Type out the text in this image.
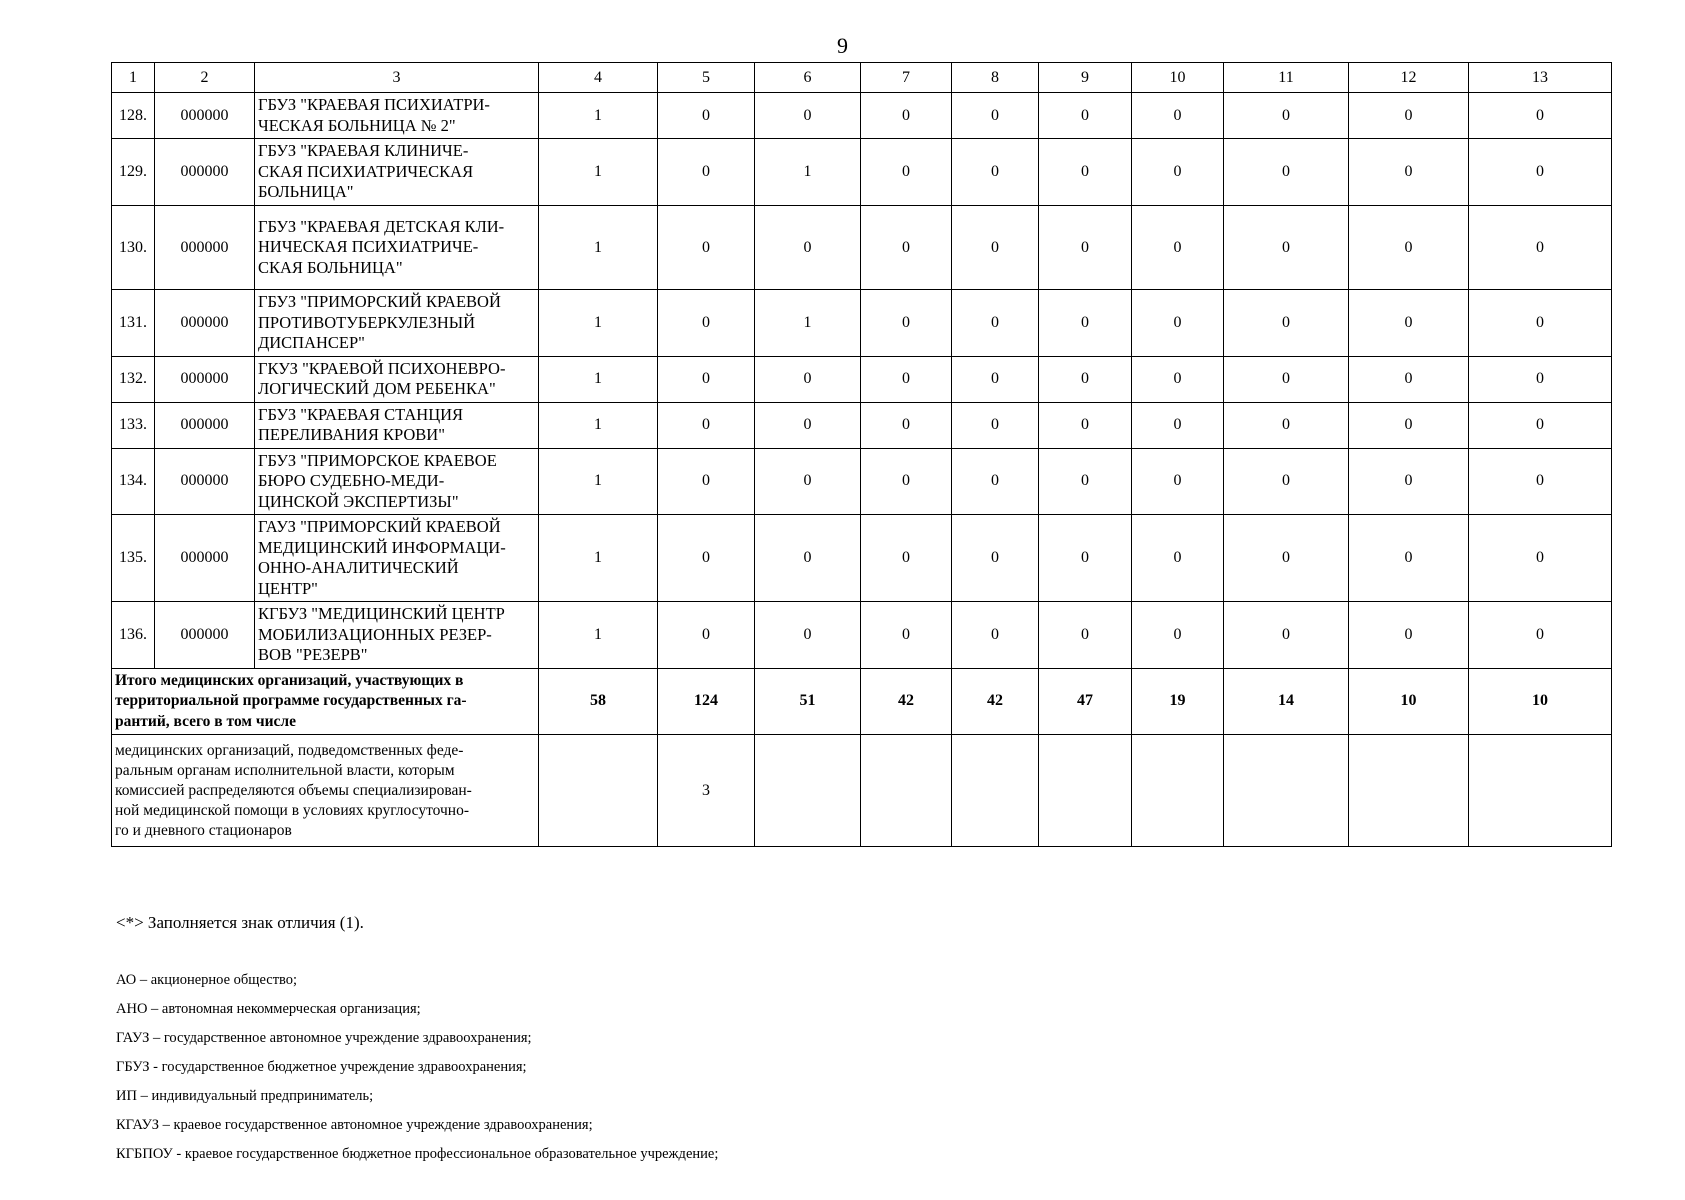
9
1	2	3	4	5	6	7	8	9	10	11	12	13
128.	000000	ГБУЗ "КРАЕВАЯ ПСИХИАТРИ-
ЧЕСКАЯ БОЛЬНИЦА № 2"	1	0	0	0	0	0	0	0	0	0
129.	000000	ГБУЗ "КРАЕВАЯ КЛИНИЧЕ-
СКАЯ ПСИХИАТРИЧЕСКАЯ
БОЛЬНИЦА"	1	0	1	0	0	0	0	0	0	0
130.	000000	ГБУЗ "КРАЕВАЯ ДЕТСКАЯ КЛИ-
НИЧЕСКАЯ ПСИХИАТРИЧЕ-
СКАЯ БОЛЬНИЦА"	1	0	0	0	0	0	0	0	0	0
131.	000000	ГБУЗ "ПРИМОРСКИЙ КРАЕВОЙ
ПРОТИВОТУБЕРКУЛЕЗНЫЙ
ДИСПАНСЕР"	1	0	1	0	0	0	0	0	0	0
132.	000000	ГКУЗ "КРАЕВОЙ ПСИХОНЕВРО-
ЛОГИЧЕСКИЙ ДОМ РЕБЕНКА"	1	0	0	0	0	0	0	0	0	0
133.	000000	ГБУЗ "КРАЕВАЯ СТАНЦИЯ
ПЕРЕЛИВАНИЯ КРОВИ"	1	0	0	0	0	0	0	0	0	0
134.	000000	ГБУЗ "ПРИМОРСКОЕ КРАЕВОЕ
БЮРО СУДЕБНО-МЕДИ-
ЦИНСКОЙ ЭКСПЕРТИЗЫ"	1	0	0	0	0	0	0	0	0	0
135.	000000	ГАУЗ "ПРИМОРСКИЙ КРАЕВОЙ
МЕДИЦИНСКИЙ ИНФОРМАЦИ-
ОННО-АНАЛИТИЧЕСКИЙ
ЦЕНТР"	1	0	0	0	0	0	0	0	0	0
136.	000000	КГБУЗ "МЕДИЦИНСКИЙ ЦЕНТР
МОБИЛИЗАЦИОННЫХ РЕЗЕР-
ВОВ "РЕЗЕРВ"	1	0	0	0	0	0	0	0	0	0
Итого медицинских организаций, участвующих в
территориальной программе государственных га-
рантий, всего в том числе			58	124	51	42	42	47	19	14	10	10
медицинских организаций, подведомственных феде-
ральным органам исполнительной власти, которым
комиссией распределяются объемы специализирован-
ной медицинской помощи в условиях круглосуточно-
го и дневного стационаров				3								
<*> Заполняется знак отличия (1).
АО – акционерное общество;
АНО – автономная некоммерческая организация;
ГАУЗ – государственное автономное учреждение здравоохранения;
ГБУЗ - государственное бюджетное учреждение здравоохранения;
ИП – индивидуальный предприниматель;
КГАУЗ – краевое государственное автономное учреждение здравоохранения;
КГБПОУ - краевое государственное бюджетное профессиональное образовательное учреждение;
